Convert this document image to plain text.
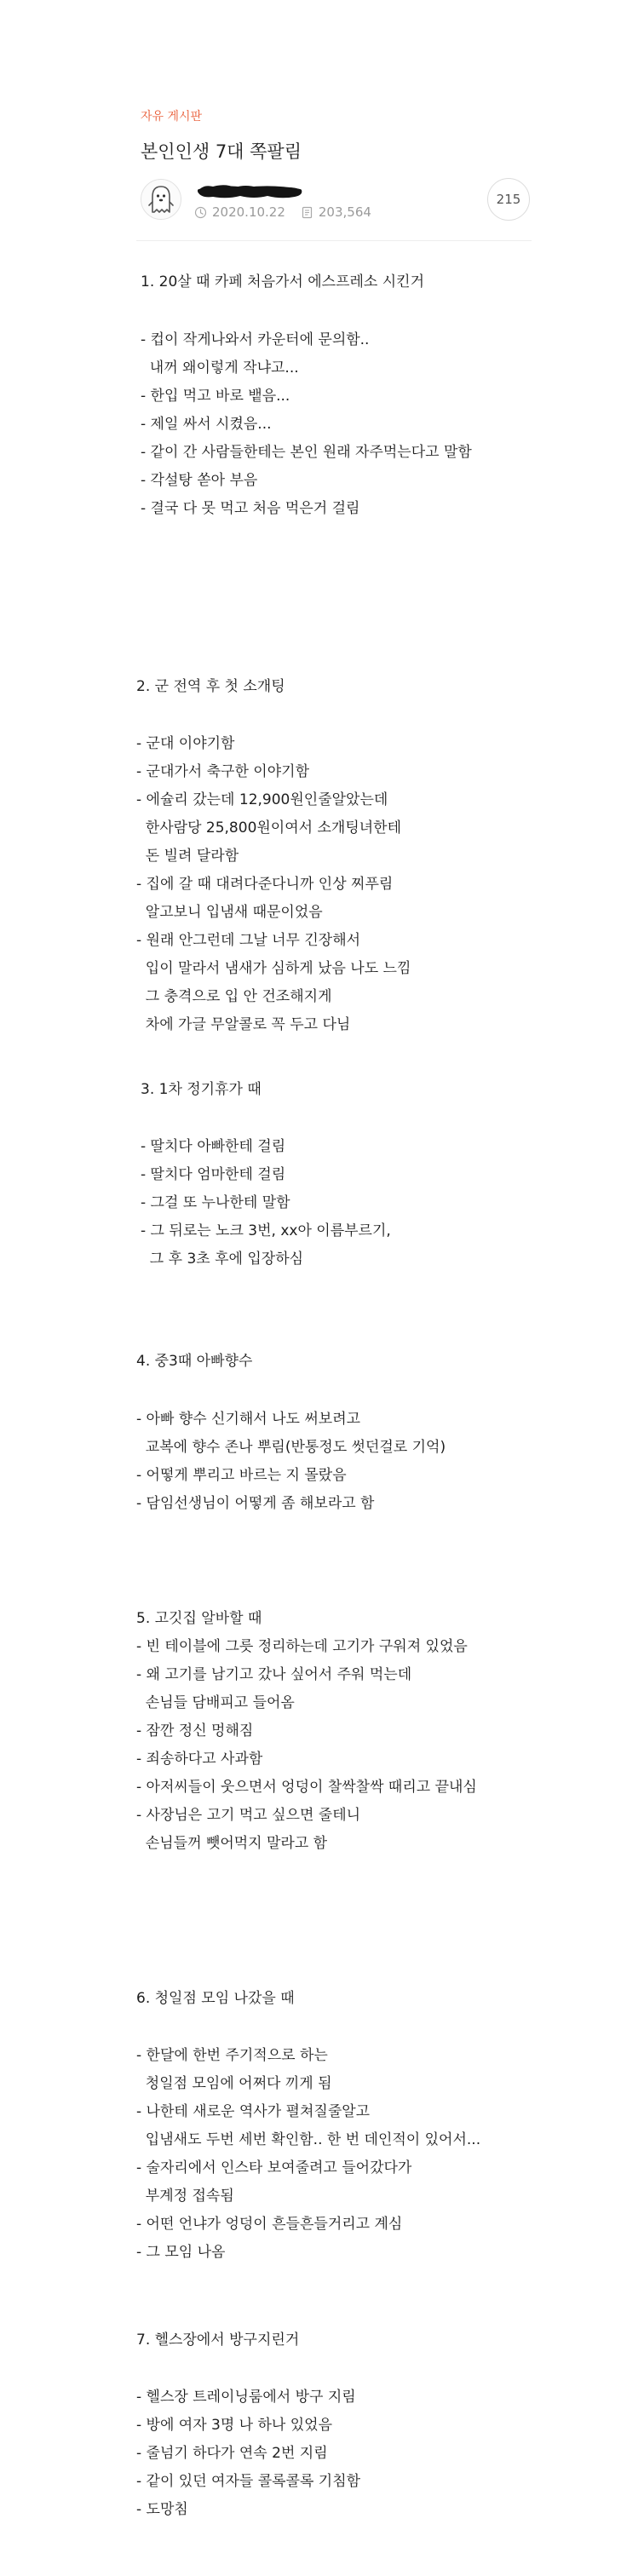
자유 게시판
본인인생 7대 쪽팔림
2020.10.22	203,564
215
1. 20살 때 카페 처음가서 에스프레소 시킨거
- 컵이 작게나와서 카운터에 문의함..
내꺼 왜이렇게 작냐고...
- 한입 먹고 바로 뱉음...
- 제일 싸서 시켰음...
- 같이 간 사람들한테는 본인 원래 자주먹는다고 말함
- 각설탕 쏟아 부음
- 결국 다 못 먹고 처음 먹은거 걸림
2. 군 전역 후 첫 소개팅
- 군대 이야기함
- 군대가서 축구한 이야기함
- 에슐리 갔는데 12,900원인줄알았는데
한사람당 25,800원이여서 소개팅녀한테
돈 빌려 달라함
- 집에 갈 때 대려다준다니까 인상 찌푸림
알고보니 입냄새 때문이었음
- 원래 안그런데 그날 너무 긴장해서
입이 말라서 냄새가 심하게 났음 나도 느낌
그 충격으로 입 안 건조해지게
차에 가글 무알콜로 꼭 두고 다님
3. 1차 정기휴가 때
- 딸치다 아빠한테 걸림
- 딸치다 엄마한테 걸림
- 그걸 또 누나한테 말함
- 그 뒤로는 노크 3번, xx아 이름부르기,
그 후 3초 후에 입장하심
4. 중3때 아빠향수
- 아빠 향수 신기해서 나도 써보려고
교복에 향수 존나 뿌림(반통정도 썻던걸로 기억)
- 어떻게 뿌리고 바르는 지 몰랐음
- 담임선생님이 어떻게 좀 해보라고 함
5. 고깃집 알바할 때
- 빈 테이블에 그릇 정리하는데 고기가 구워져 있었음
- 왜 고기를 남기고 갔나 싶어서 주워 먹는데
손님들 담배피고 들어옴
- 잠깐 정신 멍해짐
- 죄송하다고 사과함
- 아저씨들이 웃으면서 엉덩이 찰싹찰싹 때리고 끝내심
- 사장님은 고기 먹고 싶으면 줄테니
손님들꺼 뺏어먹지 말라고 함
6. 청일점 모임 나갔을 때
- 한달에 한번 주기적으로 하는
청일점 모임에 어쩌다 끼게 됨
- 나한테 새로운 역사가 펼쳐질줄알고
입냄새도 두번 세번 확인함.. 한 번 데인적이 있어서...
- 술자리에서 인스타 보여줄려고 들어갔다가
부계정 접속됨
- 어떤 언냐가 엉덩이 흔들흔들거리고 계심
- 그 모임 나옴
7. 헬스장에서 방구지린거
- 헬스장 트레이닝룸에서 방구 지림
- 방에 여자 3명 나 하나 있었음
- 줄넘기 하다가 연속 2번 지림
- 같이 있던 여자들 콜록콜록 기침함
- 도망침
